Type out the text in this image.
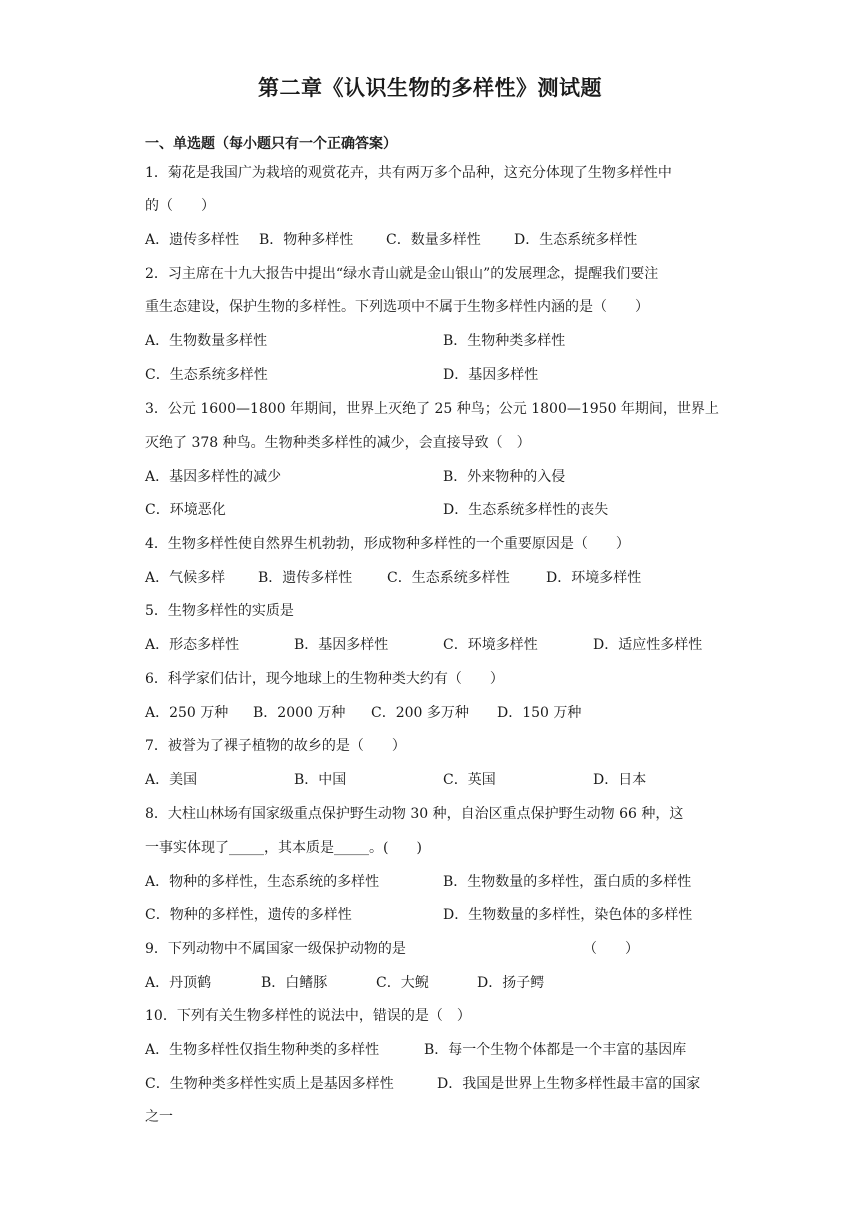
第二章《认识生物的多样性》测试题
一、单选题（每小题只有一个正确答案）
1．菊花是我国广为栽培的观赏花卉，共有两万多个品种，这充分体现了生物多样性中
的（　　）
A．遗传多样性 B．物种多样性 C．数量多样性 D．生态系统多样性
2．习主席在十九大报告中提出“绿水青山就是金山银山”的发展理念，提醒我们要注
重生态建设，保护生物的多样性。下列选项中不属于生物多样性内涵的是（　　）
A．生物数量多样性	B．生物种类多样性
C．生态系统多样性	D．基因多样性
3．公元 1600—1800 年期间，世界上灭绝了 25 种鸟；公元 1800—1950 年期间，世界上
灭绝了 378 种鸟。生物种类多样性的减少，会直接导致（　）
A．基因多样性的减少	B．外来物种的入侵
C．环境恶化	D．生态系统多样性的丧失
4．生物多样性使自然界生机勃勃，形成物种多样性的一个重要原因是（　　）
A．气候多样 B．遗传多样性 C．生态系统多样性	D．环境多样性
5．生物多样性的实质是
A．形态多样性	B．基因多样性	C．环境多样性	D．适应性多样性
6．科学家们估计，现今地球上的生物种类大约有（　　）
A．250 万种 B．2000 万种 C．200 多万种 D．150 万种
7．被誉为了裸子植物的故乡的是（　　）
A．美国	B．中国	C．英国	D．日本
8．大柱山林场有国家级重点保护野生动物 30 种，自治区重点保护野生动物 66 种，这
一事实体现了_____，其本质是_____。(　　)
A．物种的多样性，生态系统的多样性	B．生物数量的多样性，蛋白质的多样性
C．物种的多样性，遗传的多样性	D．生物数量的多样性，染色体的多样性
9．下列动物中不属国家一级保护动物的是	（　　）
A．丹顶鹤	B．白鳍豚	C．大鲵	D．扬子鳄
10．下列有关生物多样性的说法中，错误的是（　）
A．生物多样性仅指生物种类的多样性	B．每一个生物个体都是一个丰富的基因库
C．生物种类多样性实质上是基因多样性	D．我国是世界上生物多样性最丰富的国家
之一
